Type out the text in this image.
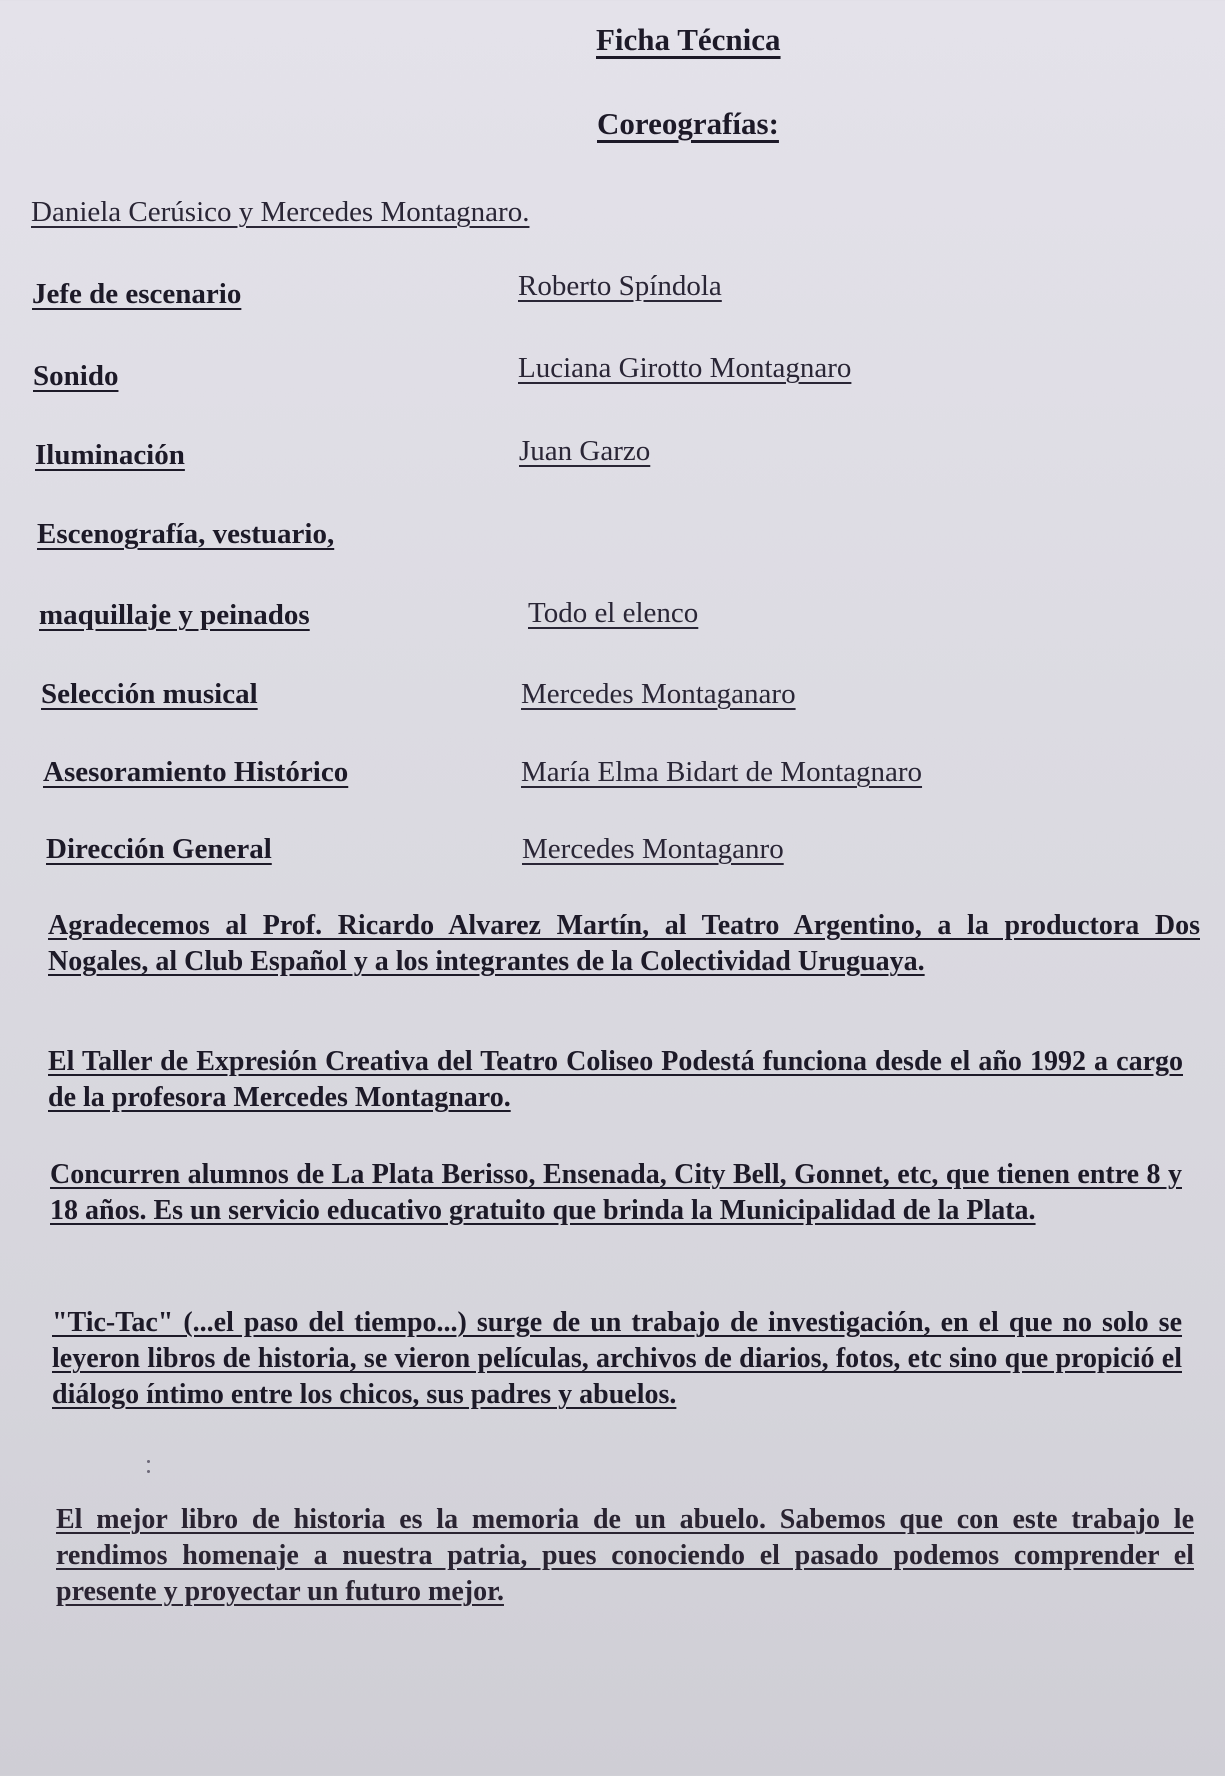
Ficha Técnica
Coreografías:
Daniela Cerúsico y Mercedes Montagnaro.
Jefe de escenario	Roberto Spíndola
Sonido	Luciana Girotto Montagnaro
Iluminación	Juan Garzo
Escenografía, vestuario,
maquillaje y peinados	Todo el elenco
Selección musical	Mercedes Montaganaro
Asesoramiento Histórico	María Elma Bidart de Montagnaro
Dirección General	Mercedes Montaganro

Agradecemos al Prof. Ricardo Alvarez Martín, al Teatro Argentino, a la productora Dos Nogales, al Club Español y a los integrantes de la Colectividad Uruguaya.

El Taller de Expresión Creativa del Teatro Coliseo Podestá funciona desde el año 1992 a cargo de la profesora Mercedes Montagnaro.

Concurren alumnos de La Plata Berisso, Ensenada, City Bell, Gonnet, etc, que tienen entre 8 y 18 años. Es un servicio educativo gratuito que brinda la Municipalidad de la Plata.

"Tic-Tac" (...el paso del tiempo...) surge de un trabajo de investigación, en el que no solo se leyeron libros de historia, se vieron películas, archivos de diarios, fotos, etc sino que propició el diálogo íntimo entre los chicos, sus padres y abuelos.

El mejor libro de historia es la memoria de un abuelo. Sabemos que con este trabajo le rendimos homenaje a nuestra patria, pues conociendo el pasado podemos comprender el presente y proyectar un futuro mejor.
